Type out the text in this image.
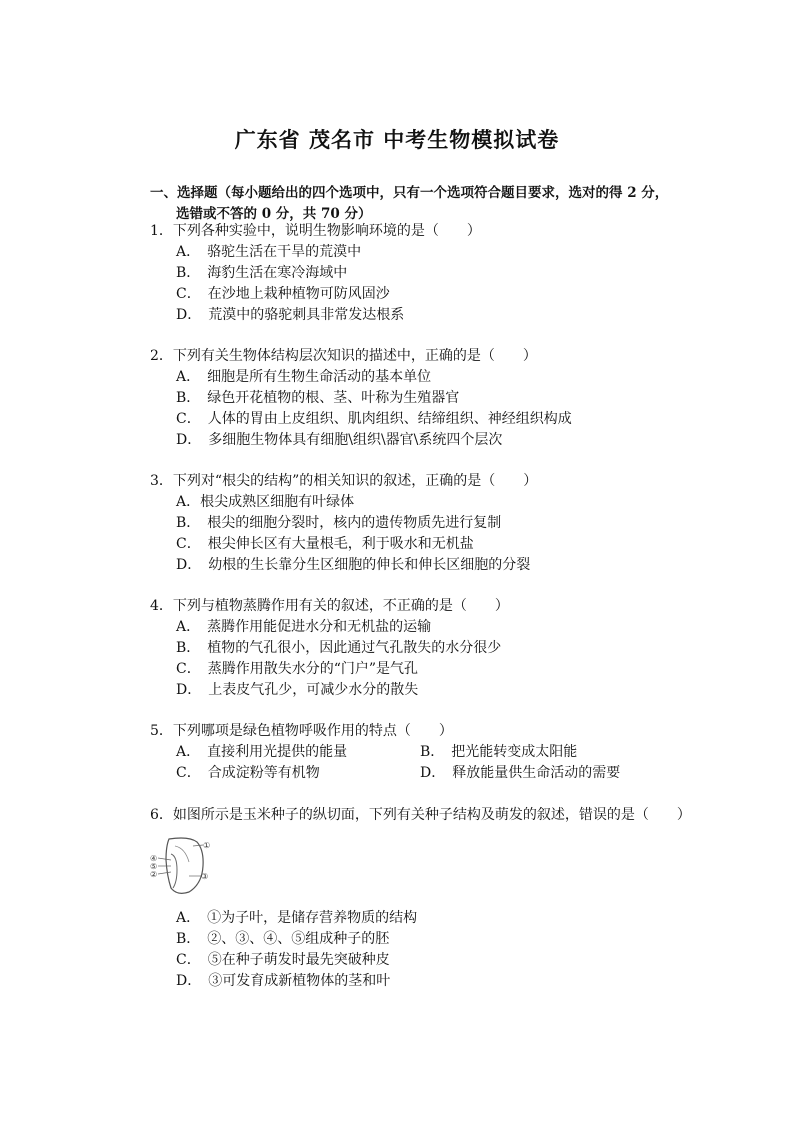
广东省 茂名市 中考生物模拟试卷
一、选择题（每小题给出的四个选项中，只有一个选项符合题目要求，选对的得 2 分，
选错或不答的 0 分，共 70 分）
1．下列各种实验中，说明生物影响环境的是（　　）
A．　骆驼生活在干旱的荒漠中
B．　海豹生活在寒冷海域中
C．　在沙地上栽种植物可防风固沙
D．　荒漠中的骆驼刺具非常发达根系
2．下列有关生物体结构层次知识的描述中，正确的是（　　）
A．　细胞是所有生物生命活动的基本单位
B．　绿色开花植物的根、茎、叶称为生殖器官
C．　人体的胃由上皮组织、肌肉组织、结缔组织、神经组织构成
D．　多细胞生物体具有细胞\组织\器官\系统四个层次
3．下列对“根尖的结构”的相关知识的叙述，正确的是（　　）
A．根尖成熟区细胞有叶绿体
B．　根尖的细胞分裂时，核内的遗传物质先进行复制
C．　根尖伸长区有大量根毛，利于吸水和无机盐
D．　幼根的生长靠分生区细胞的伸长和伸长区细胞的分裂
4．下列与植物蒸腾作用有关的叙述，不正确的是（　　）
A．　蒸腾作用能促进水分和无机盐的运输
B．　植物的气孔很小，因此通过气孔散失的水分很少
C．　蒸腾作用散失水分的“门户”是气孔
D．　上表皮气孔少，可减少水分的散失
5．下列哪项是绿色植物呼吸作用的特点（　　）
A．　直接利用光提供的能量	B．　把光能转变成太阳能
C．　合成淀粉等有机物	D．　释放能量供生命活动的需要
6．如图所示是玉米种子的纵切面，下列有关种子结构及萌发的叙述，错误的是（　　）
①
③
④
⑤
②
A．　①为子叶，是储存营养物质的结构
B．　②、③、④、⑤组成种子的胚
C．　⑤在种子萌发时最先突破种皮
D．　③可发育成新植物体的茎和叶
